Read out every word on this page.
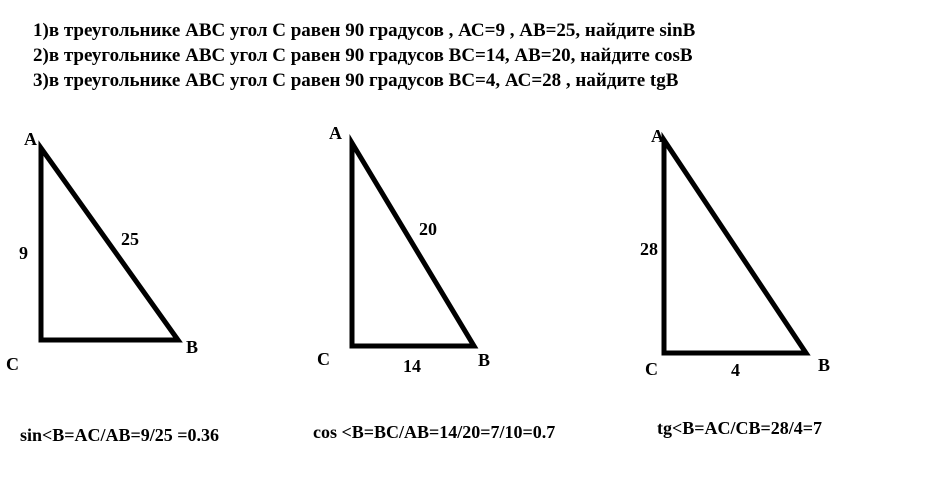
1)в треугольнике АВС угол С равен 90 градусов , АС=9 , АВ=25, найдите sinB
2)в треугольнике АВС угол С равен 90 градусов ВС=14, АВ=20, найдите cosB
3)в треугольнике АВС угол С равен 90 градусов ВС=4, АС=28 , найдите tgB
A
B
C
9
25
A
B
C
20
14
A
B
C
28
4
sin<B=AC/AB=9/25 =0.36	cos <B=BC/AB=14/20=7/10=0.7	tg<B=AC/CB=28/4=7
